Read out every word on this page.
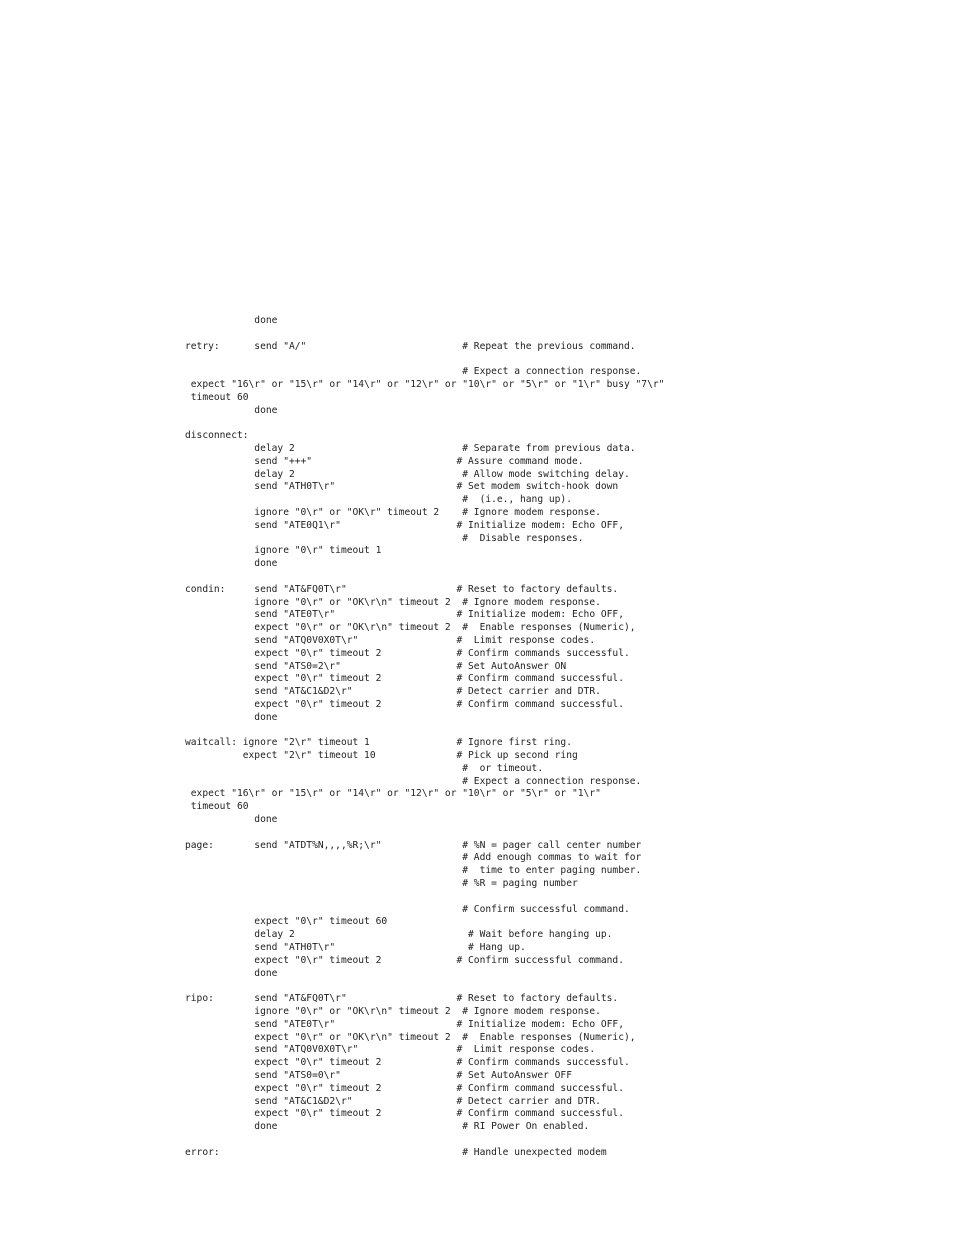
done

retry:      send "A/"                           # Repeat the previous command.

# Expect a connection response.
expect "16\r" or "15\r" or "14\r" or "12\r" or "10\r" or "5\r" or "1\r" busy "7\r"
timeout 60
done

disconnect:
delay 2                             # Separate from previous data.
send "+++"                         # Assure command mode.
delay 2                             # Allow mode switching delay.
send "ATH0T\r"                     # Set modem switch-hook down
#  (i.e., hang up).
ignore "0\r" or "OK\r" timeout 2    # Ignore modem response.
send "ATE0Q1\r"                    # Initialize modem: Echo OFF,
#  Disable responses.
ignore "0\r" timeout 1
done

condin:     send "AT&FQ0T\r"                   # Reset to factory defaults.
ignore "0\r" or "OK\r\n" timeout 2  # Ignore modem response.
send "ATE0T\r"                     # Initialize modem: Echo OFF,
expect "0\r" or "OK\r\n" timeout 2  #  Enable responses (Numeric),
send "ATQ0V0X0T\r"                 #  Limit response codes.
expect "0\r" timeout 2             # Confirm commands successful.
send "ATS0=2\r"                    # Set AutoAnswer ON
expect "0\r" timeout 2             # Confirm command successful.
send "AT&C1&D2\r"                  # Detect carrier and DTR.
expect "0\r" timeout 2             # Confirm command successful.
done

waitcall: ignore "2\r" timeout 1               # Ignore first ring.
expect "2\r" timeout 10              # Pick up second ring
#  or timeout.
# Expect a connection response.
expect "16\r" or "15\r" or "14\r" or "12\r" or "10\r" or "5\r" or "1\r"
timeout 60
done

page:       send "ATDT%N,,,,%R;\r"              # %N = pager call center number
# Add enough commas to wait for
#  time to enter paging number.
# %R = paging number

# Confirm successful command.
expect "0\r" timeout 60
delay 2                              # Wait before hanging up.
send "ATH0T\r"                       # Hang up.
expect "0\r" timeout 2             # Confirm successful command.
done

ripo:       send "AT&FQ0T\r"                   # Reset to factory defaults.
ignore "0\r" or "OK\r\n" timeout 2  # Ignore modem response.
send "ATE0T\r"                     # Initialize modem: Echo OFF,
expect "0\r" or "OK\r\n" timeout 2  #  Enable responses (Numeric),
send "ATQ0V0X0T\r"                 #  Limit response codes.
expect "0\r" timeout 2             # Confirm commands successful.
send "ATS0=0\r"                    # Set AutoAnswer OFF
expect "0\r" timeout 2             # Confirm command successful.
send "AT&C1&D2\r"                  # Detect carrier and DTR.
expect "0\r" timeout 2             # Confirm command successful.
done                                # RI Power On enabled.

error:                                          # Handle unexpected modem
